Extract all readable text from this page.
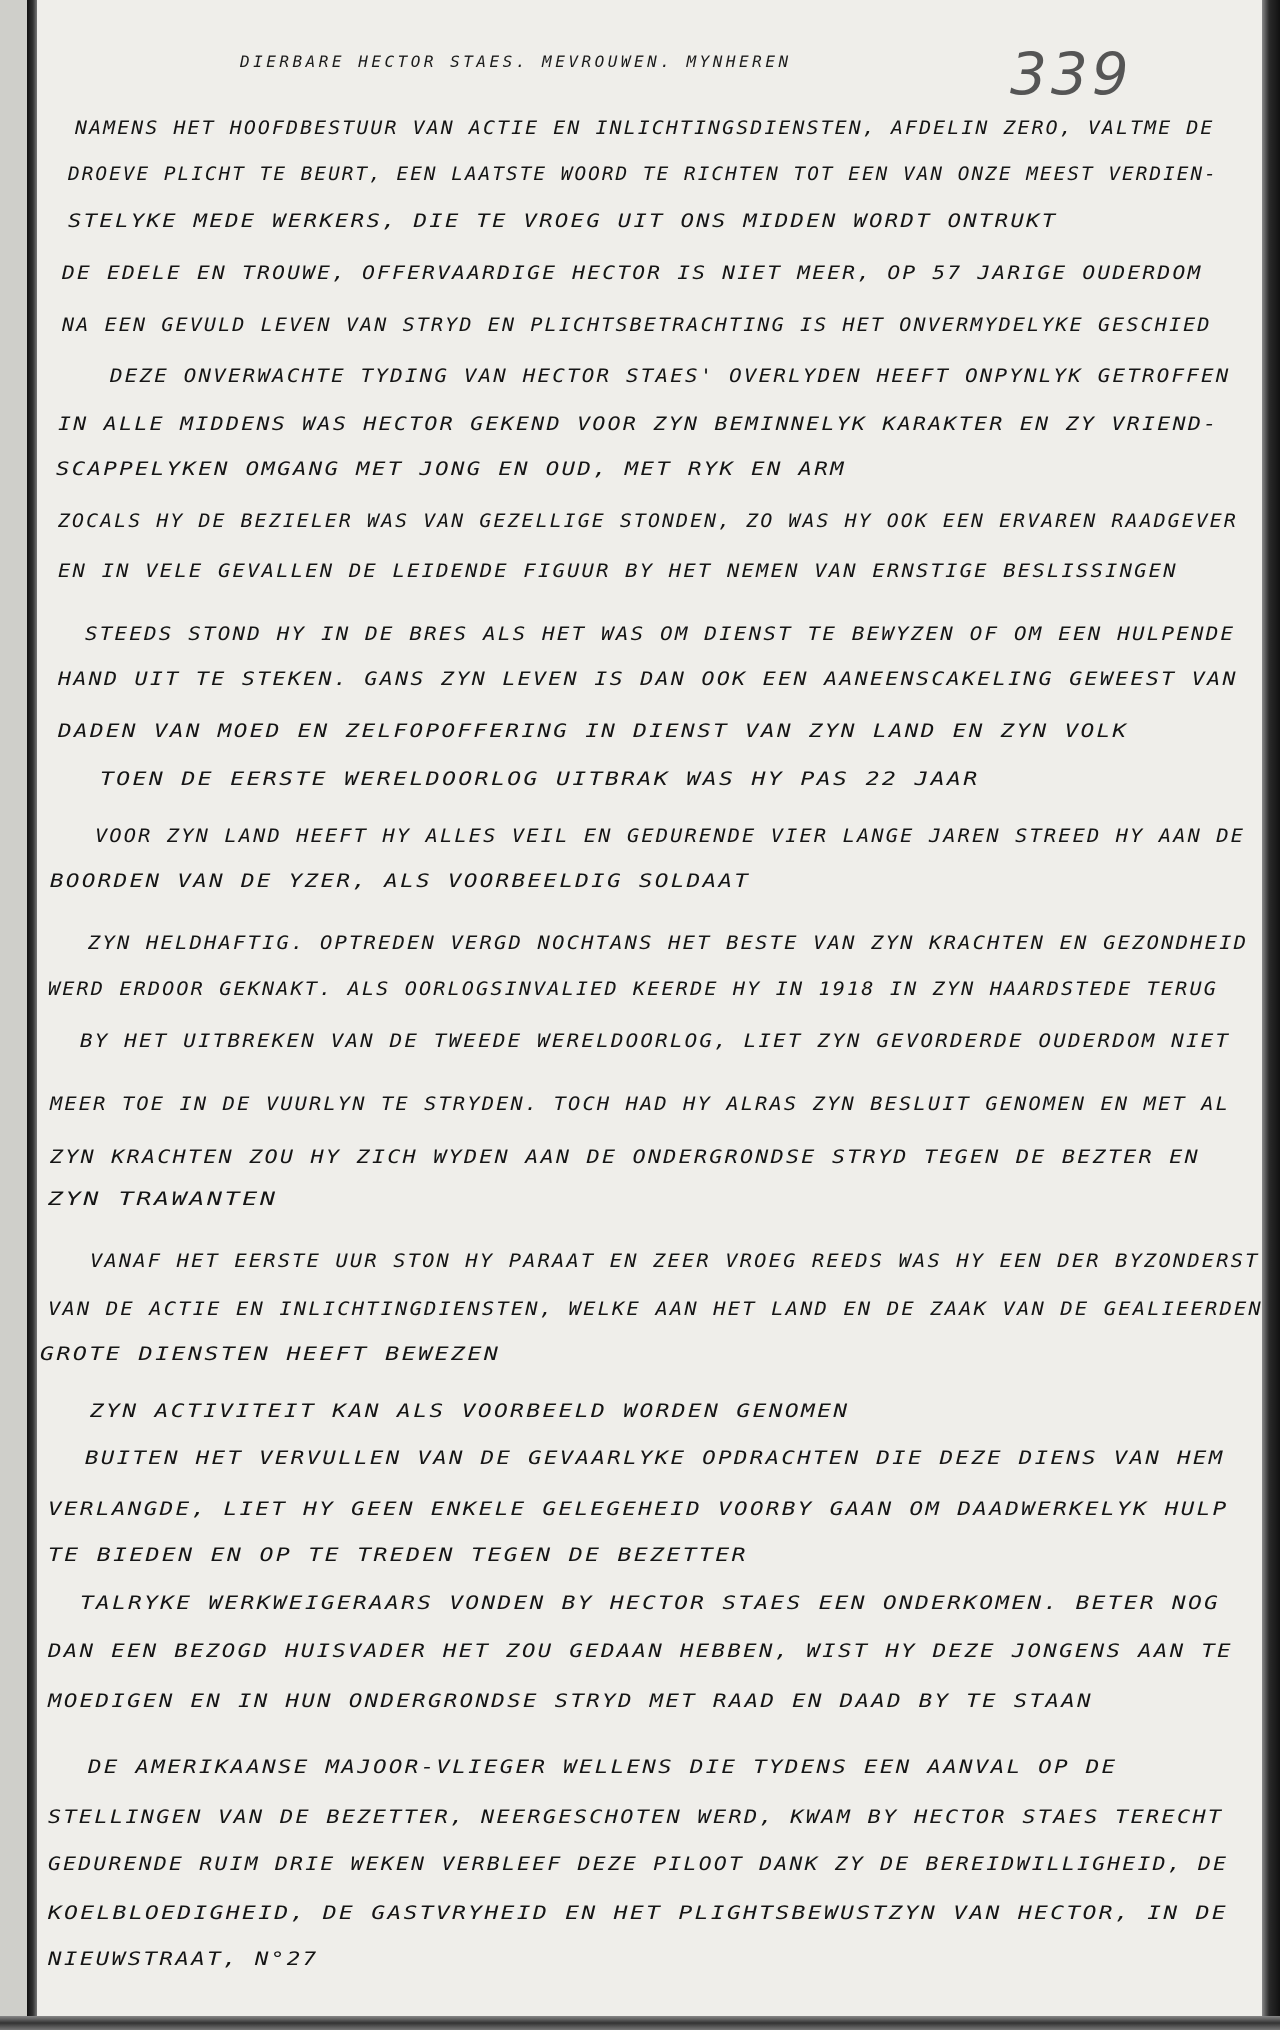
339
DIERBARE HECTOR STAES. MEVROUWEN. MYNHEREN
NAMENS HET HOOFDBESTUUR VAN ACTIE EN INLICHTINGSDIENSTEN, AFDELIN ZERO, VALTME DE
DROEVE PLICHT TE BEURT, EEN LAATSTE WOORD TE RICHTEN TOT EEN VAN ONZE MEEST VERDIEN-
STELYKE MEDE WERKERS, DIE TE VROEG UIT ONS MIDDEN WORDT ONTRUKT
DE EDELE EN TROUWE, OFFERVAARDIGE HECTOR IS NIET MEER, OP 57 JARIGE OUDERDOM
NA EEN GEVULD LEVEN VAN STRYD EN PLICHTSBETRACHTING IS HET ONVERMYDELYKE GESCHIED
DEZE ONVERWACHTE TYDING VAN HECTOR STAES' OVERLYDEN HEEFT ONPYNLYK GETROFFEN
IN ALLE MIDDENS WAS HECTOR GEKEND VOOR ZYN BEMINNELYK KARAKTER EN ZY VRIEND-
SCAPPELYKEN OMGANG MET JONG EN OUD, MET RYK EN ARM
ZOCALS HY DE BEZIELER WAS VAN GEZELLIGE STONDEN, ZO WAS HY OOK EEN ERVAREN RAADGEVER
EN IN VELE GEVALLEN DE LEIDENDE FIGUUR BY HET NEMEN VAN ERNSTIGE BESLISSINGEN
STEEDS STOND HY IN DE BRES ALS HET WAS OM DIENST TE BEWYZEN OF OM EEN HULPENDE
HAND UIT TE STEKEN. GANS ZYN LEVEN IS DAN OOK EEN AANEENSCAKELING GEWEEST VAN
DADEN VAN MOED EN ZELFOPOFFERING IN DIENST VAN ZYN LAND EN ZYN VOLK
TOEN DE EERSTE WERELDOORLOG UITBRAK WAS HY PAS 22 JAAR
VOOR ZYN LAND HEEFT HY ALLES VEIL EN GEDURENDE VIER LANGE JAREN STREED HY AAN DE
BOORDEN VAN DE YZER, ALS VOORBEELDIG SOLDAAT
ZYN HELDHAFTIG. OPTREDEN VERGD NOCHTANS HET BESTE VAN ZYN KRACHTEN EN GEZONDHEID
WERD ERDOOR GEKNAKT. ALS OORLOGSINVALIED KEERDE HY IN 1918 IN ZYN HAARDSTEDE TERUG
BY HET UITBREKEN VAN DE TWEEDE WERELDOORLOG, LIET ZYN GEVORDERDE OUDERDOM NIET
MEER TOE IN DE VUURLYN TE STRYDEN. TOCH HAD HY ALRAS ZYN BESLUIT GENOMEN EN MET AL
ZYN KRACHTEN ZOU HY ZICH WYDEN AAN DE ONDERGRONDSE STRYD TEGEN DE BEZTER EN
ZYN TRAWANTEN
VANAF HET EERSTE UUR STON HY PARAAT EN ZEER VROEG REEDS WAS HY EEN DER BYZONDERST
VAN DE ACTIE EN INLICHTINGDIENSTEN, WELKE AAN HET LAND EN DE ZAAK VAN DE GEALIEERDEN
GROTE DIENSTEN HEEFT BEWEZEN
ZYN ACTIVITEIT KAN ALS VOORBEELD WORDEN GENOMEN
BUITEN HET VERVULLEN VAN DE GEVAARLYKE OPDRACHTEN DIE DEZE DIENS VAN HEM
VERLANGDE, LIET HY GEEN ENKELE GELEGEHEID VOORBY GAAN OM DAADWERKELYK HULP
TE BIEDEN EN OP TE TREDEN TEGEN DE BEZETTER
TALRYKE WERKWEIGERAARS VONDEN BY HECTOR STAES EEN ONDERKOMEN. BETER NOG
DAN EEN BEZOGD HUISVADER HET ZOU GEDAAN HEBBEN, WIST HY DEZE JONGENS AAN TE
MOEDIGEN EN IN HUN ONDERGRONDSE STRYD MET RAAD EN DAAD BY TE STAAN
DE AMERIKAANSE MAJOOR-VLIEGER WELLENS DIE TYDENS EEN AANVAL OP DE
STELLINGEN VAN DE BEZETTER, NEERGESCHOTEN WERD, KWAM BY HECTOR STAES TERECHT
GEDURENDE RUIM DRIE WEKEN VERBLEEF DEZE PILOOT DANK ZY DE BEREIDWILLIGHEID, DE
KOELBLOEDIGHEID, DE GASTVRYHEID EN HET PLIGHTSBEWUSTZYN VAN HECTOR, IN DE
NIEUWSTRAAT, N°27
